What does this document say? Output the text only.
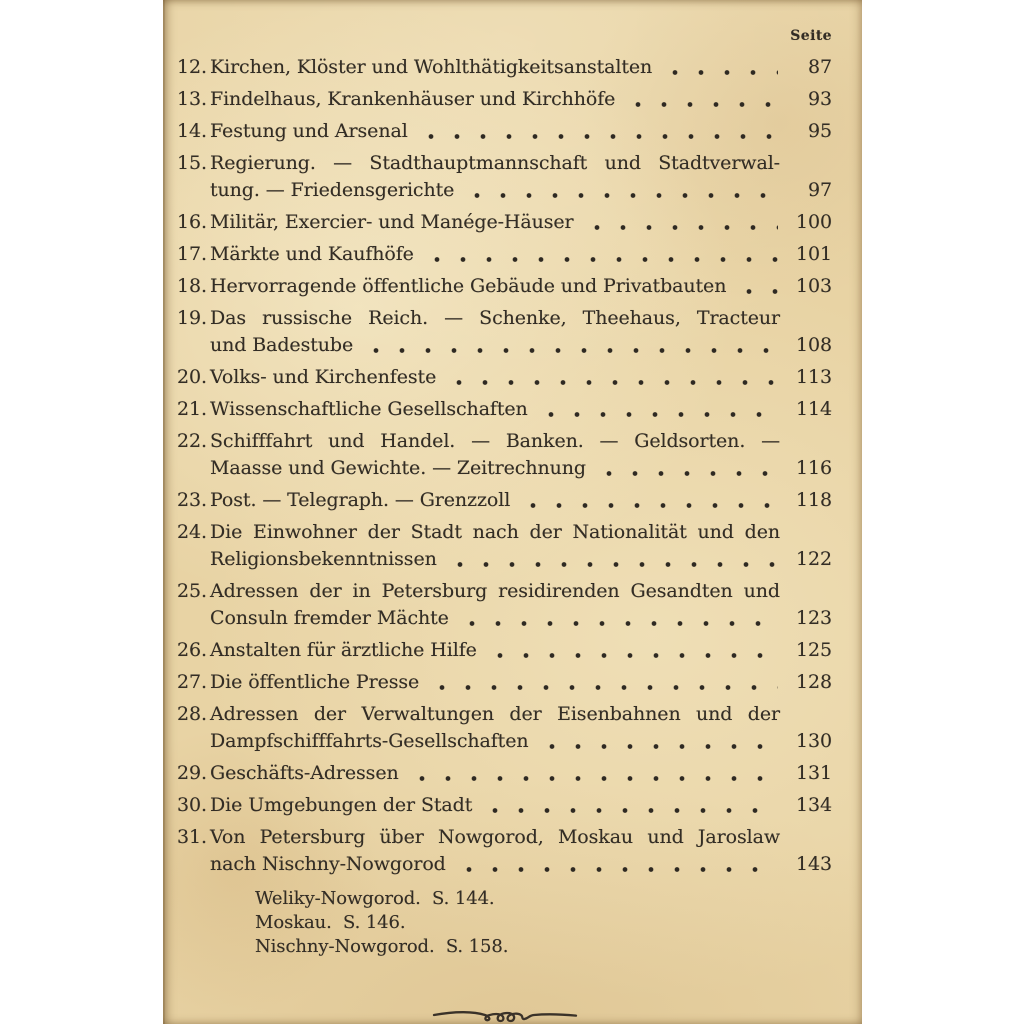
Seite
12. Kirchen, Klöster und Wohlthätigkeitsanstalten	87
13. Findelhaus, Krankenhäuser und Kirchhöfe	93
14. Festung und Arsenal	95
15. Regierung. — Stadthauptmannschaft und Stadtverwal-
tung. — Friedensgerichte	97
16. Militär, Exercier- und Manége-Häuser	100
17. Märkte und Kaufhöfe	101
18. Hervorragende öffentliche Gebäude und Privatbauten	103
19. Das russische Reich. — Schenke, Theehaus, Tracteur
und Badestube	108
20. Volks- und Kirchenfeste	113
21. Wissenschaftliche Gesellschaften	114
22. Schifffahrt und Handel. — Banken. — Geldsorten. —
Maasse und Gewichte. — Zeitrechnung	116
23. Post. — Telegraph. — Grenzzoll	118
24. Die Einwohner der Stadt nach der Nationalität und den
Religionsbekenntnissen	122
25. Adressen der in Petersburg residirenden Gesandten und
Consuln fremder Mächte	123
26. Anstalten für ärztliche Hilfe	125
27. Die öffentliche Presse	128
28. Adressen der Verwaltungen der Eisenbahnen und der
Dampfschifffahrts-Gesellschaften	130
29. Geschäfts-Adressen	131
30. Die Umgebungen der Stadt	134
31. Von Petersburg über Nowgorod, Moskau und Jaroslaw
nach Nischny-Nowgorod	143
Weliky-Nowgorod.  S. 144.
Moskau.  S. 146.
Nischny-Nowgorod.  S. 158.
